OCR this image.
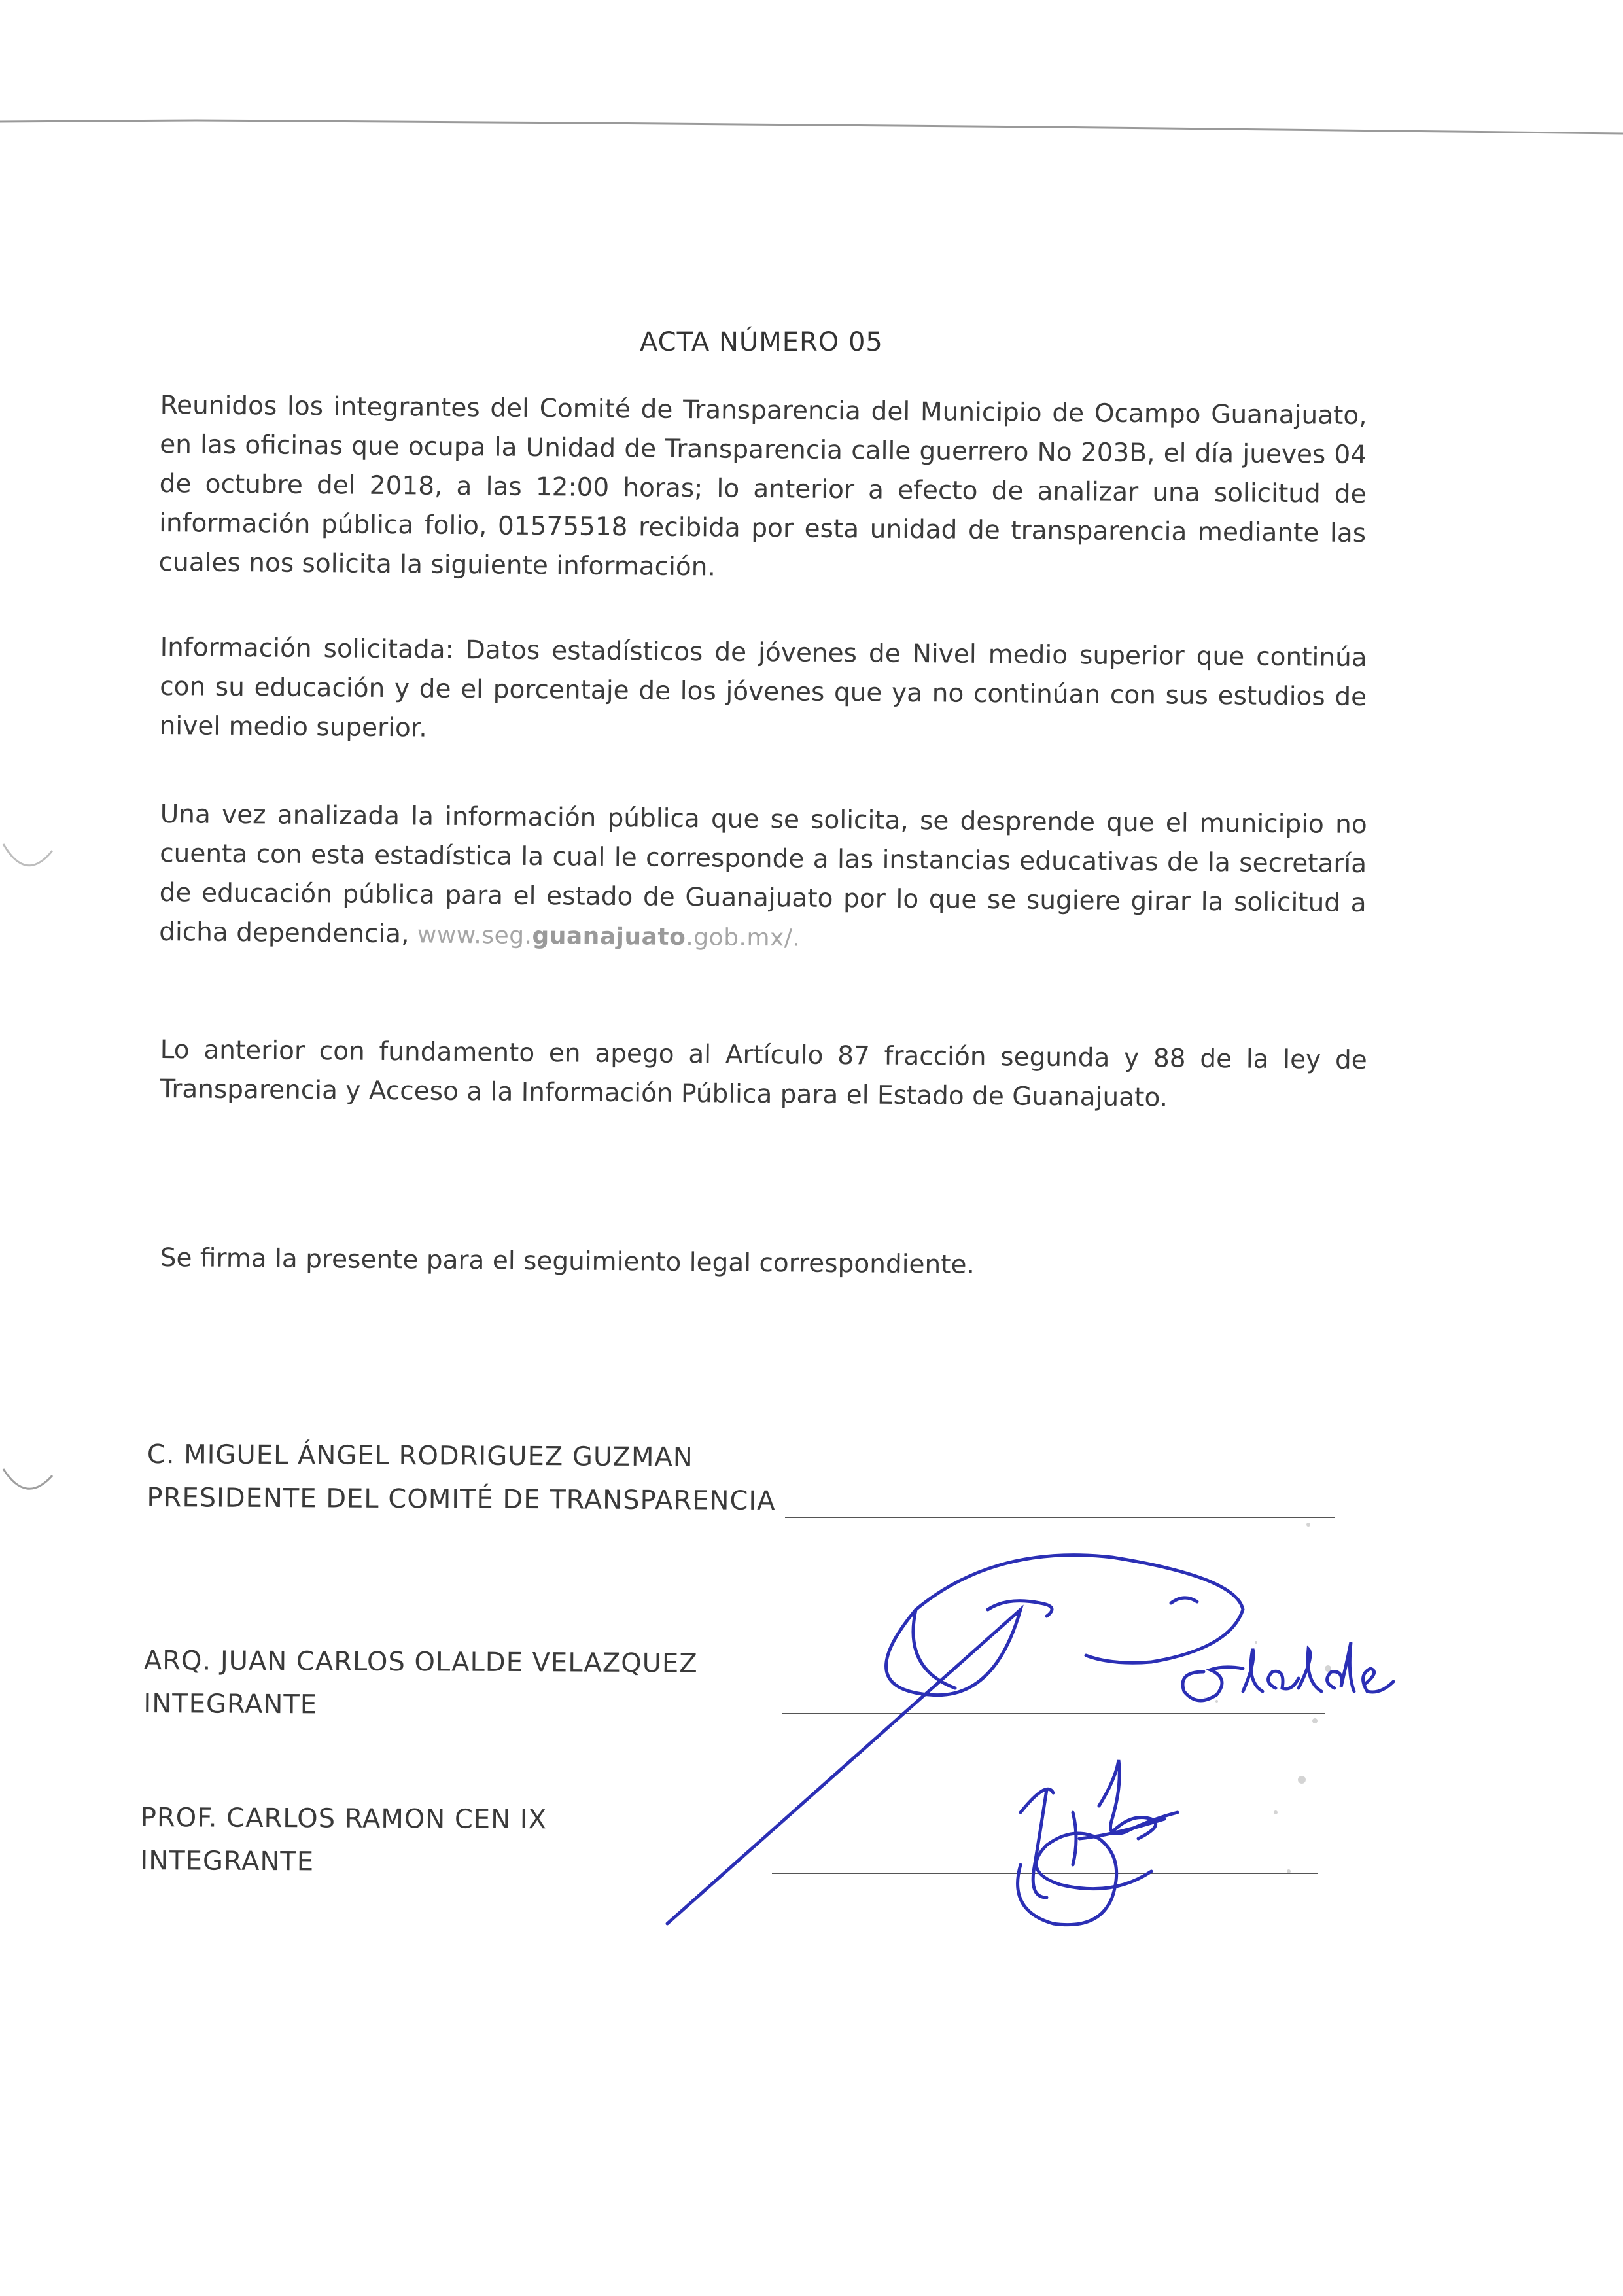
ACTA NÚMERO 05

Reunidos los integrantes del Comité de Transparencia del Municipio de Ocampo Guanajuato, en las oficinas que ocupa la Unidad de Transparencia calle guerrero No 203B, el día jueves 04 de octubre del 2018, a las 12:00 horas; lo anterior a efecto de analizar una solicitud de información pública folio, 01575518 recibida por esta unidad de transparencia mediante las cuales nos solicita la siguiente información.

Información solicitada: Datos estadísticos de jóvenes de Nivel medio superior que continúa con su educación y de el porcentaje de los jóvenes que ya no continúan con sus estudios de nivel medio superior.

Una vez analizada la información pública que se solicita, se desprende que el municipio no cuenta con esta estadística la cual le corresponde a las instancias educativas de la secretaría de educación pública para el estado de Guanajuato por lo que se sugiere girar la solicitud a dicha dependencia, www.seg.guanajuato.gob.mx/.

Lo anterior con fundamento en apego al Artículo 87 fracción segunda y 88 de la ley de Transparencia y Acceso a la Información Pública para el Estado de Guanajuato.

Se firma la presente para el seguimiento legal correspondiente.

C. MIGUEL ÁNGEL RODRIGUEZ GUZMAN
PRESIDENTE DEL COMITÉ DE TRANSPARENCIA
ARQ. JUAN CARLOS OLALDE VELAZQUEZ
INTEGRANTE
PROF. CARLOS RAMON CEN IX
INTEGRANTE
Olalde
